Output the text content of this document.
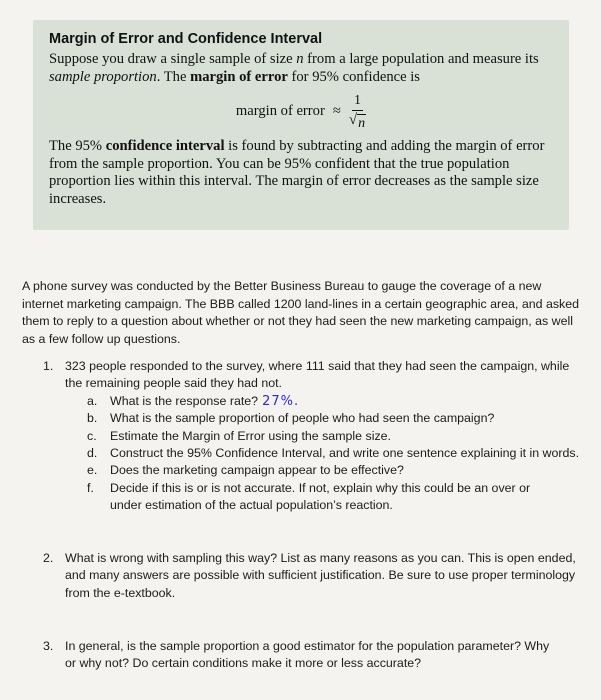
Margin of Error and Confidence Interval

Suppose you draw a single sample of size n from a large population and measure its sample proportion. The margin of error for 95% confidence is

margin of error ≈ $\frac{1}{√ n}$

The 95% confidence interval is found by subtracting and adding the margin of error from the sample proportion. You can be 95% confident that the true population proportion lies within this interval. The margin of error decreases as the sample size increases.

A phone survey was conducted by the Better Business Bureau to gauge the coverage of a new internet marketing campaign. The BBB called 1200 land-lines in a certain geographic area, and asked them to reply to a question about whether or not they had seen the new marketing campaign, as well as a few follow up questions.
1. 323 people responded to the survey, where 111 said that they had seen the campaign, while the remaining people said they had not.
a. What is the response rate? 27%.
b. What is the sample proportion of people who had seen the campaign?
c. Estimate the Margin of Error using the sample size.
d. Construct the 95% Confidence Interval, and write one sentence explaining it in words.
e. Does the marketing campaign appear to be effective?
f. Decide if this is or is not accurate. If not, explain why this could be an over or under estimation of the actual population’s reaction.
2. What is wrong with sampling this way? List as many reasons as you can. This is open ended, and many answers are possible with sufficient justification. Be sure to use proper terminology from the e-textbook.
3. In general, is the sample proportion a good estimator for the population parameter? Why or why not? Do certain conditions make it more or less accurate?
